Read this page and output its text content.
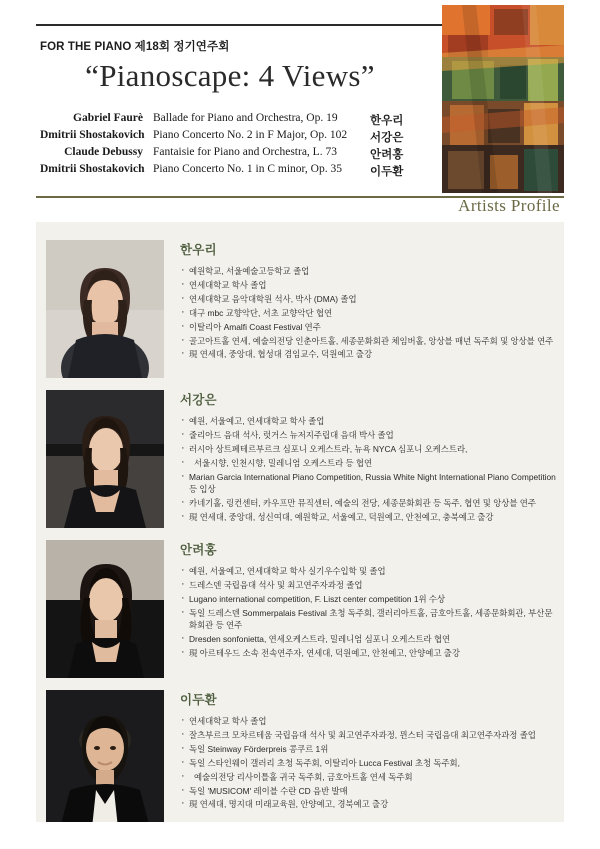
FOR THE PIANO 제18회 정기연주회
“Pianoscape: 4 Views”
Gabriel Faurè Ballade for Piano and Orchestra, Op. 19
Dmitrii Shostakovich Piano Concerto No. 2 in F Major, Op. 102
Claude Debussy Fantaisie for Piano and Orchestra, L. 73
Dmitrii Shostakovich Piano Concerto No. 1 in C minor, Op. 35
한우리
서강은
안려홍
이두환
Artists Profile
한우리
· 예원학교, 서울예술고등학교 졸업
· 연세대학교 학사 졸업
· 연세대학교 음악대학원 석사, 박사 (DMA) 졸업
· 대구 mbc 교향악단, 서초 교향악단 협연
· 이탈리아 Amalfi Coast Festival 연주
· 골고아트홀 연세, 예술의전당 인춘아트홀, 세종문화회관 체임버홀, 앙상블 매년 독주회 및 앙상블 연주
· 現 연세대, 중앙대, 협성대 겸임교수, 덕원예고 출강
서강은
· 예원, 서울예고, 연세대학교 학사 졸업
· 줄리아드 음대 석사, 럿거스 뉴저지주립대 음대 박사 졸업
· 러시아 상트페테르부르크 심포니 오케스트라, 뉴욕 NYCA 심포니 오케스트라,
· 서울시향, 인천시향, 밀레니엄 오케스트라 등 협연
· Marian Garcia International Piano Competition, Russia White Night International Piano Competition 등 입상
· 카네기홀, 링컨센터, 카우프만 뮤직센터, 예술의 전당, 세종문화회관 등 독주, 협연 및 앙상블 연주
· 現 연세대, 중앙대, 성신여대, 예원학교, 서울예고, 덕원예고, 안천예고, 충북예고 출강
안려홍
· 예원, 서울예고, 연세대학교 학사 실기우수입학 및 졸업
· 드레스덴 국립음대 석사 및 최고연주자과정 졸업
· Lugano international competition, F. Liszt center competition 1위 수상
· 독일 드레스덴 Sommerpalais Festival 초청 독주회, 갤러리아트홀, 금호아트홀, 세종문화회관, 부산문화회관 등 연주
· Dresden sonfonietta, 연세오케스트라, 밀레니엄 심포니 오케스트라 협연
· 現 아르테우드 소속 전속연주자, 연세대, 덕원예고, 안천예고, 안양예고 출강
이두환
· 연세대학교 학사 졸업
· 잘츠부르크 모차르테움 국립음대 석사 및 최고연주자과정, 뮌스터 국립음대 최고연주자과정 졸업
· 독일 Steinway Förderpreis 콩쿠르 1위
· 독일 스타인웨이 갤러리 초청 독주회, 이탈리아 Lucca Festival 초청 독주회,
· 예술의전당 리사이틀홀 귀국 독주회, 금호아트홀 연세 독주회
· 독일 'MUSICOM' 레이블 수란 CD 음반 발매
· 現 연세대, 명지대 미래교육원, 안양예고, 경북예고 출강
